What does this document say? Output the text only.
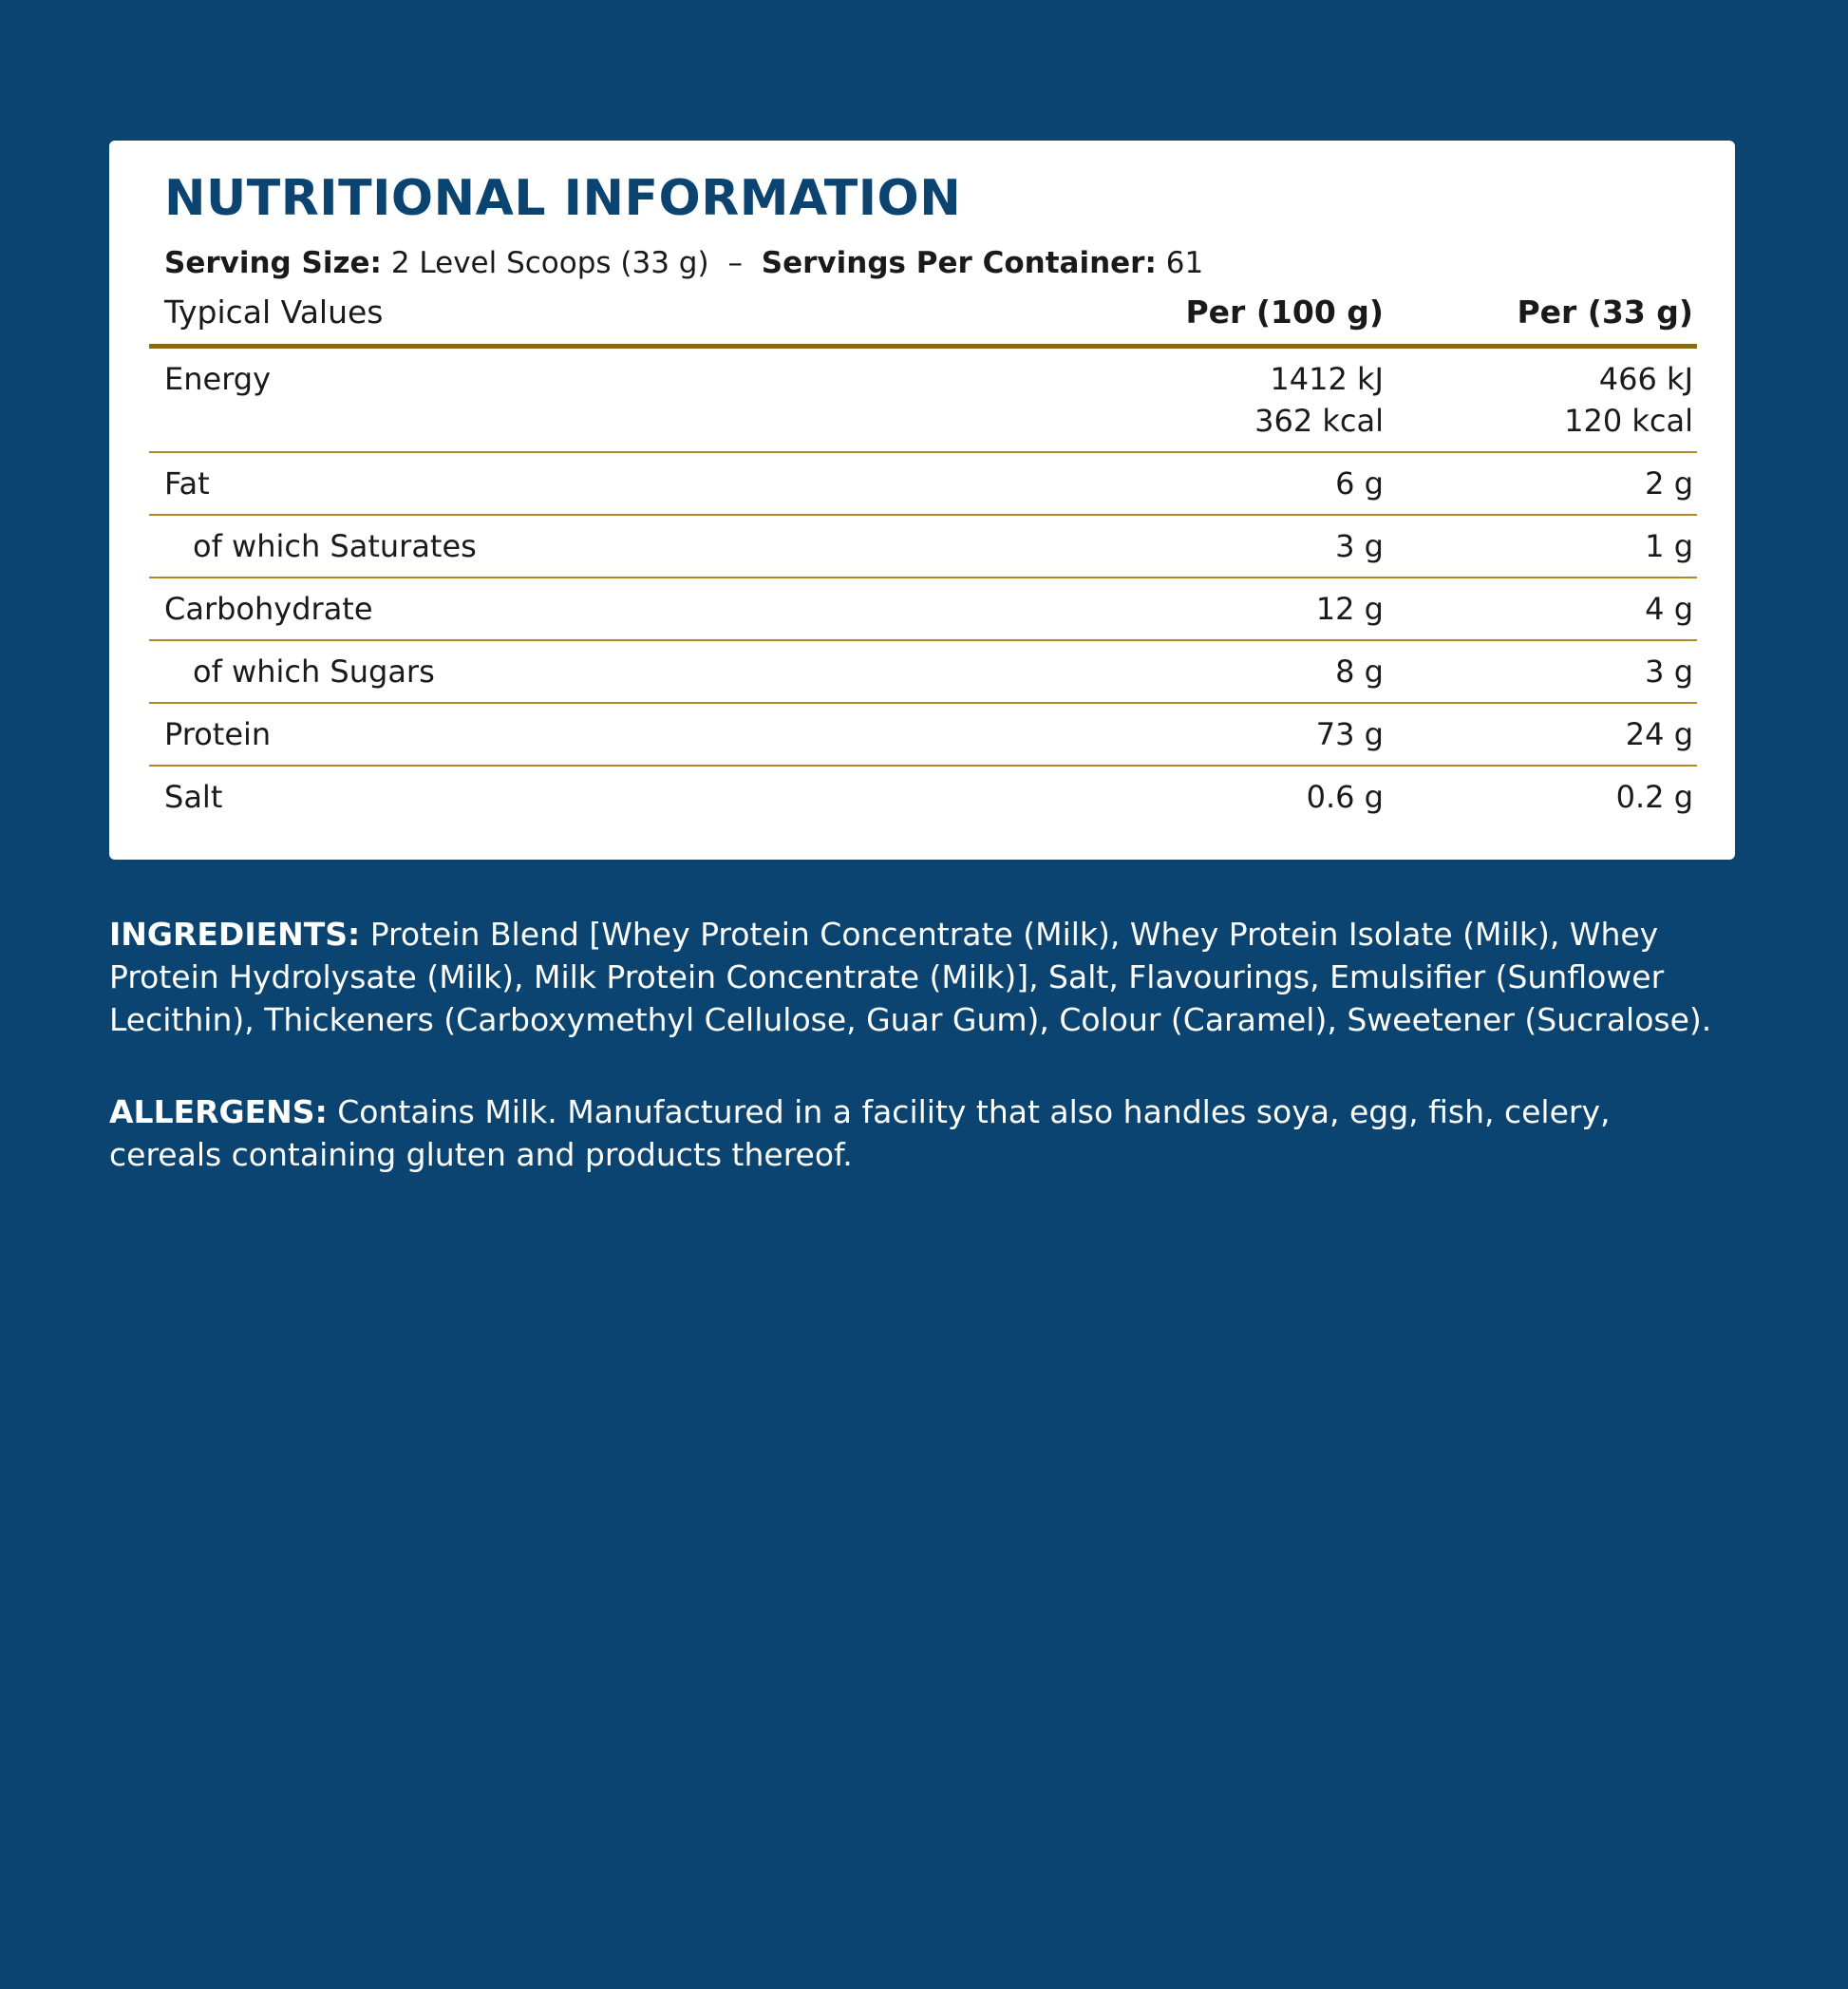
NUTRITIONAL INFORMATION

Serving Size: 2 Level Scoops (33 g) – Servings Per Container: 61

Typical Values	Per (100 g)	Per (33 g)

Energy	1412 kJ	466 kJ
	362 kcal	120 kcal
Fat	6 g	2 g
of which Saturates	3 g	1 g
Carbohydrate	12 g	4 g
of which Sugars	8 g	3 g
Protein	73 g	24 g
Salt	0.6 g	0.2 g

INGREDIENTS: Protein Blend [Whey Protein Concentrate (Milk), Whey Protein Isolate (Milk), Whey Protein Hydrolysate (Milk), Milk Protein Concentrate (Milk)], Salt, Flavourings, Emulsifier (Sunflower Lecithin), Thickeners (Carboxymethyl Cellulose, Guar Gum), Colour (Caramel), Sweetener (Sucralose).

ALLERGENS: Contains Milk. Manufactured in a facility that also handles soya, egg, fish, celery, cereals containing gluten and products thereof.
